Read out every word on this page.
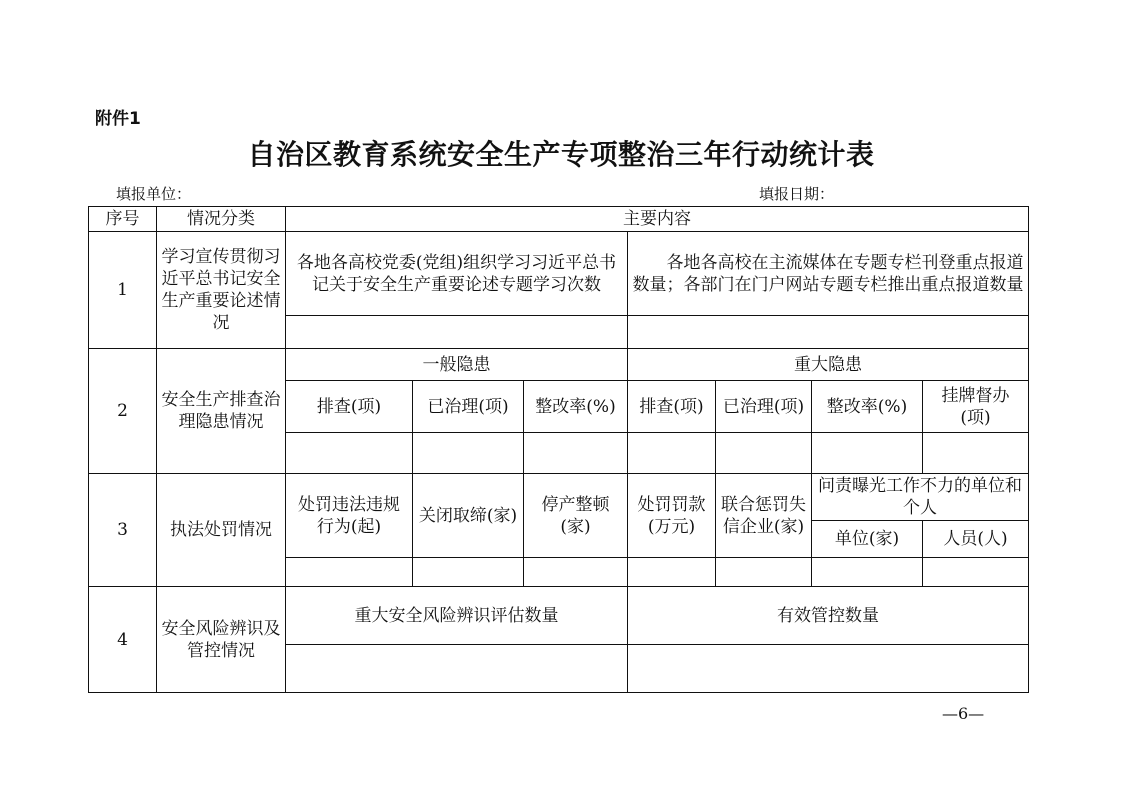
附件1
自治区教育系统安全生产专项整治三年行动统计表
填报单位：	填报日期：
序号	情况分类	主要内容						
1	学习宣传贯彻习近平总书记安全生产重要论述情况	各地各高校党委(党组)组织学习习近平总书记关于安全生产重要论述专题学习次数			各地各高校在主流媒体在专题专栏刊登重点报道数量；各部门在门户网站专题专栏推出重点报道数量			

2	安全生产排查治理隐患情况	一般隐患			重大隐患			
		排查(项)	已治理(项)	整改率(%)	排查(项)	已治理(项)	整改率(%)	挂牌督办(项)

3	执法处罚情况	处罚违法违规行为(起)	关闭取缔(家)	停产整顿(家)	处罚罚款(万元)	联合惩罚失信企业(家)	问责曝光工作不力的单位和个人	
							单位(家)	人员(人)

4	安全风险辨识及管控情况	重大安全风险辨识评估数量			有效管控数量			

—6—
